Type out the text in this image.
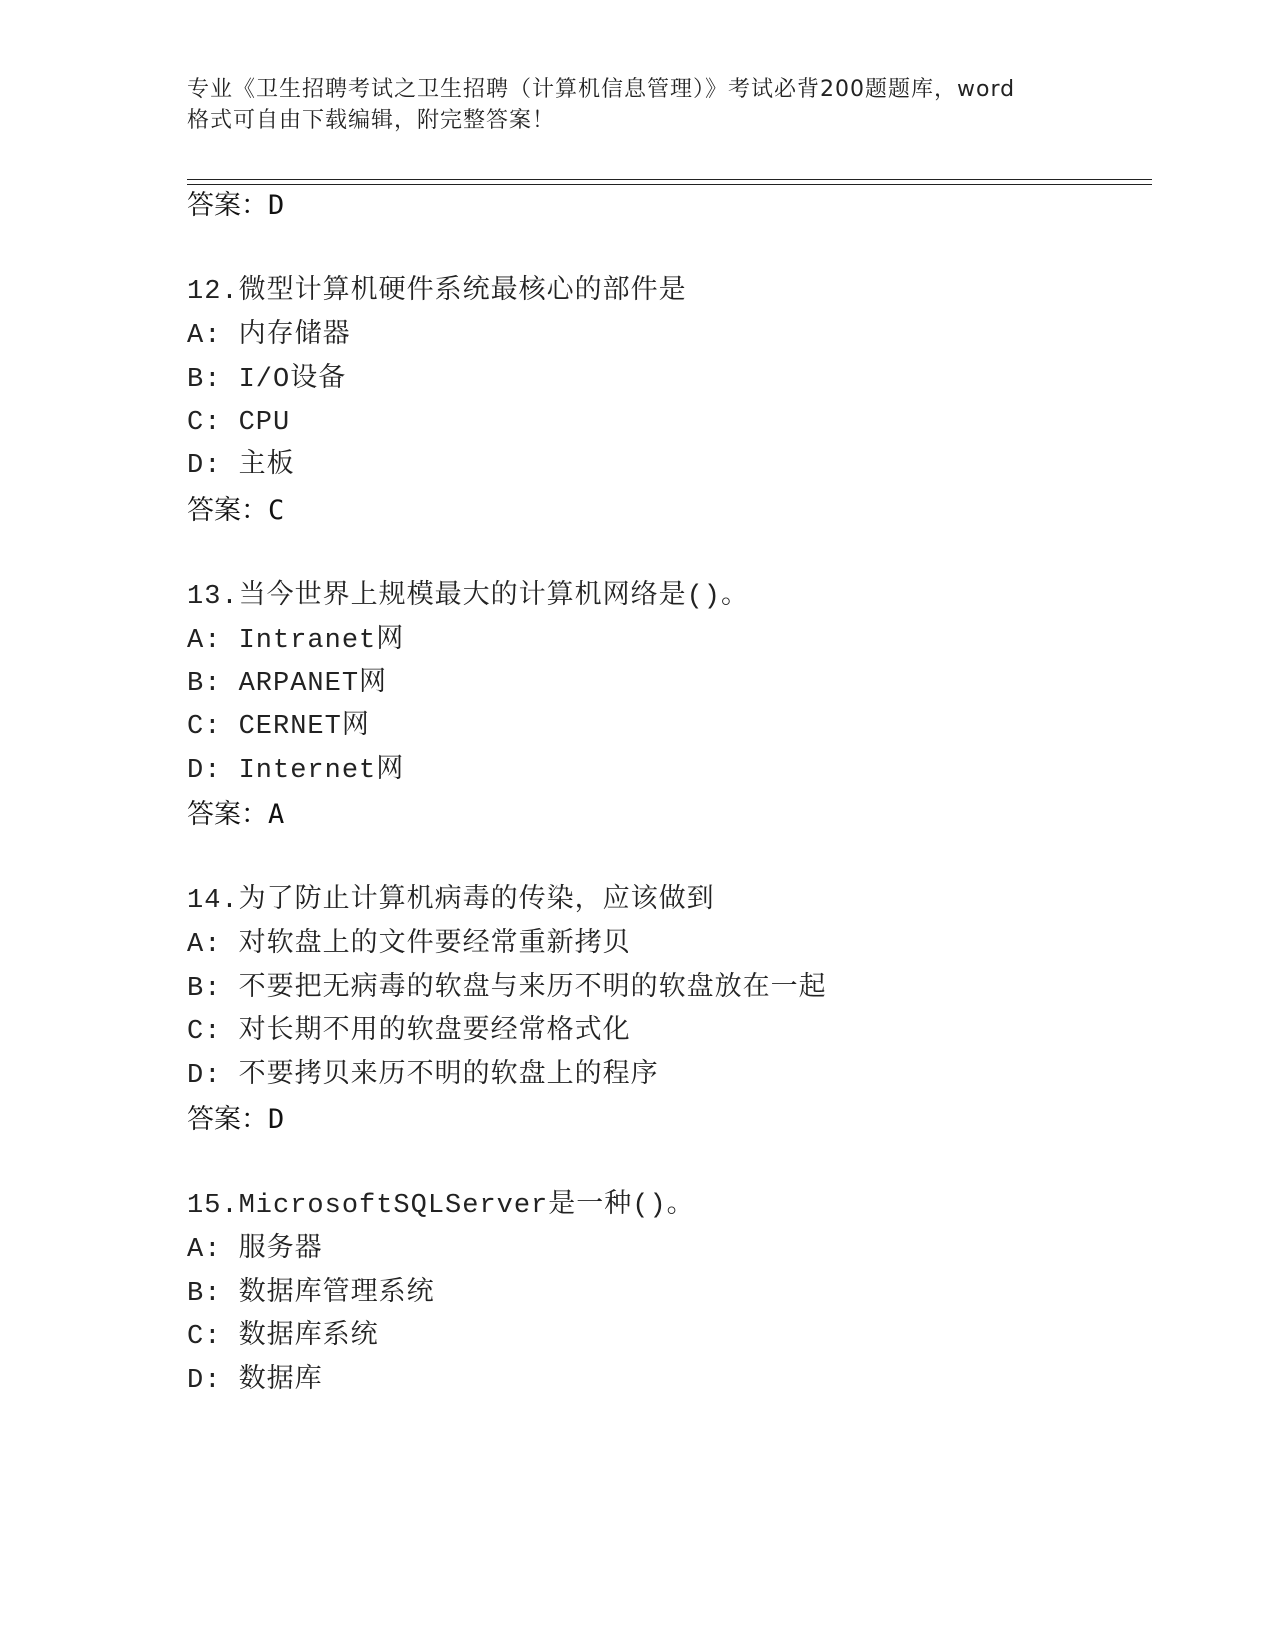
专业《卫生招聘考试之卫生招聘（计算机信息管理）》考试必背200题题库，word
格式可自由下载编辑，附完整答案！
答案：D
12.微型计算机硬件系统最核心的部件是
A: 内存储器
B: I/O设备
C: CPU
D: 主板
答案：C
13.当今世界上规模最大的计算机网络是()。
A: Intranet网
B: ARPANET网
C: CERNET网
D: Internet网
答案：A
14.为了防止计算机病毒的传染，应该做到
A: 对软盘上的文件要经常重新拷贝
B: 不要把无病毒的软盘与来历不明的软盘放在一起
C: 对长期不用的软盘要经常格式化
D: 不要拷贝来历不明的软盘上的程序
答案：D
15.MicrosoftSQLServer是一种()。
A: 服务器
B: 数据库管理系统
C: 数据库系统
D: 数据库
